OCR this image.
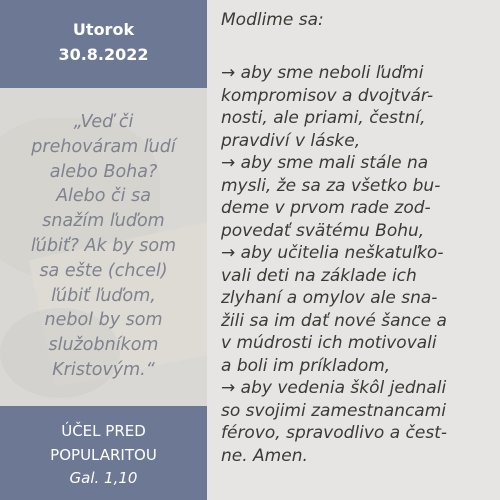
Utorok
30.8.2022
„Veď či
prehováram ľudí
alebo Boha?
Alebo či sa
snažím ľuďom
ľúbiť? Ak by som
sa ešte (chcel)
ľúbiť ľuďom,
nebol by som
služobníkom
Kristovým.“
ÚČEL PRED
POPULARITOU
Gal. 1,10
Modlime sa:
→ aby sme neboli ľuďmi
kompromisov a dvojtvár-
nosti, ale priami, čestní,
pravdiví v láske,
→ aby sme mali stále na
mysli, že sa za všetko bu-
deme v prvom rade zod-
povedať svätému Bohu,
→ aby učitelia neškatuľko-
vali deti na základe ich
zlyhaní a omylov ale sna-
žili sa im dať nové šance a
v múdrosti ich motivovali
a boli im príkladom,
→ aby vedenia škôl jednali
so svojimi zamestnancami
férovo, spravodlivo a čest-
ne. Amen.
